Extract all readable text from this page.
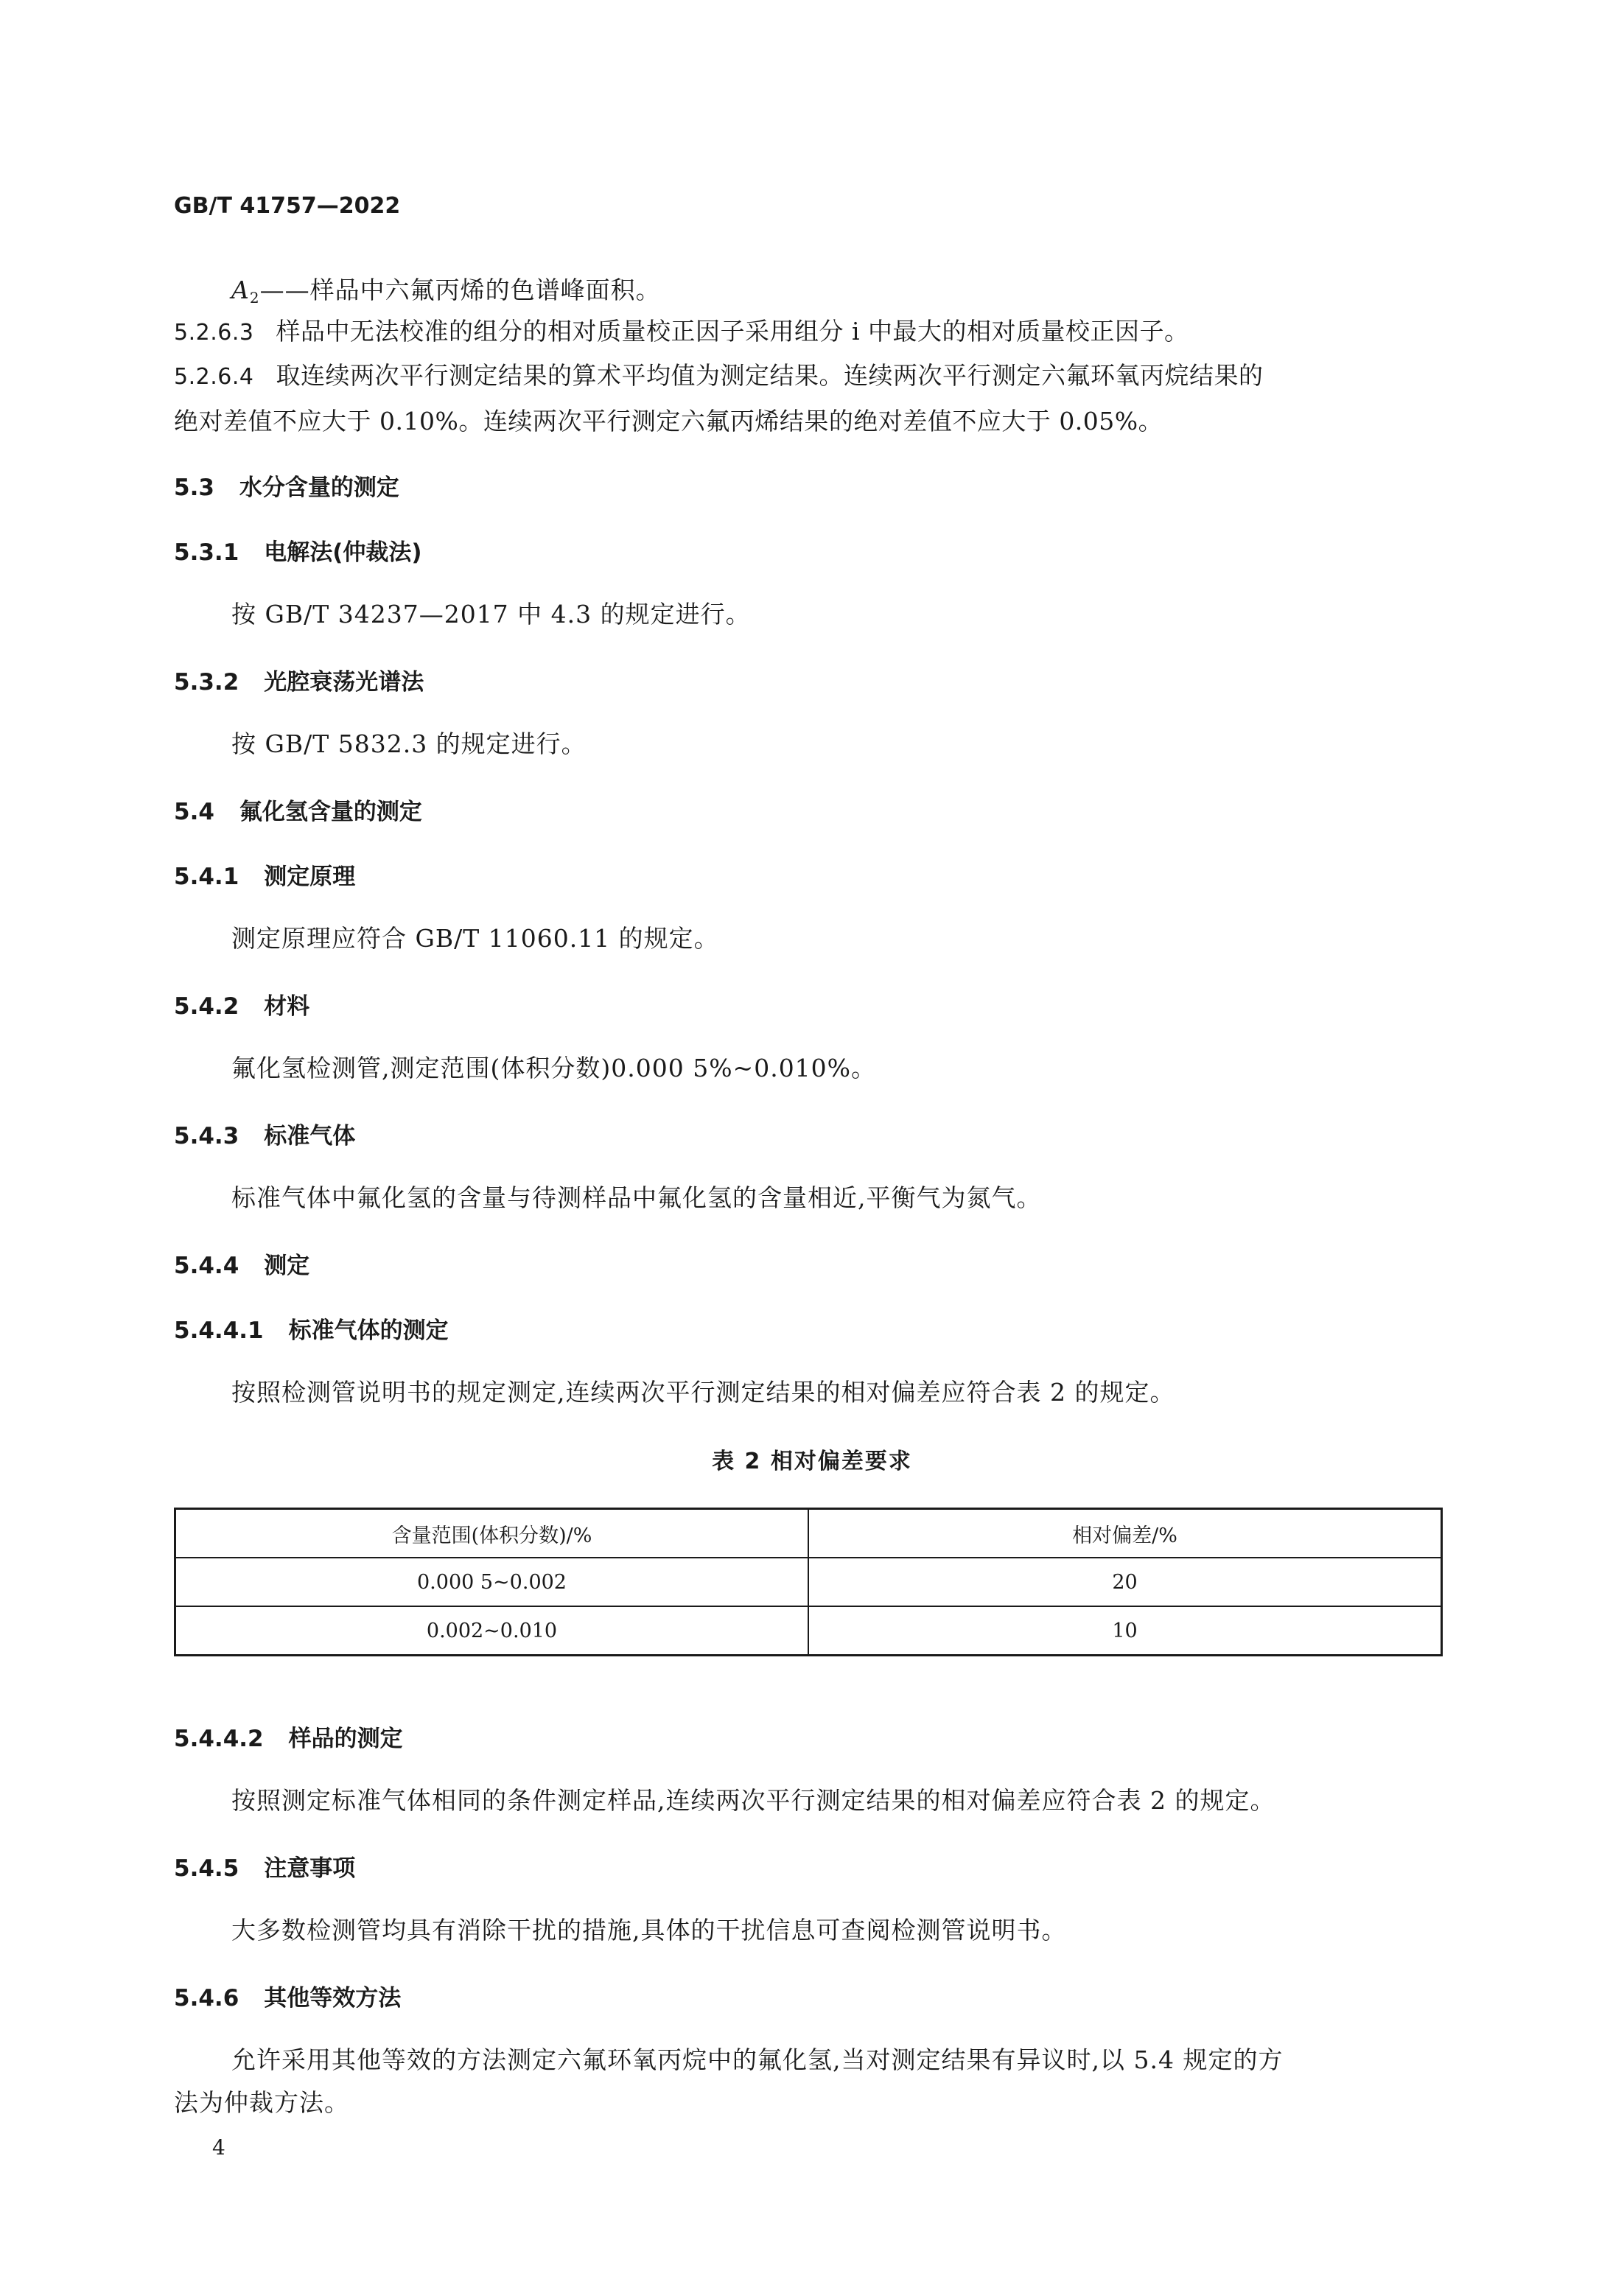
GB/T 41757—2022
$A_2——$样品中六氟丙烯的色谱峰面积。
5.2.6.3 样品中无法校准的组分的相对质量校正因子采用组分 i 中最大的相对质量校正因子。
5.2.6.4 取连续两次平行测定结果的算术平均值为测定结果。连续两次平行测定六氟环氧丙烷结果的
绝对差值不应大于 0.10%。连续两次平行测定六氟丙烯结果的绝对差值不应大于 0.05%。
5.3 水分含量的测定
5.3.1 电解法(仲裁法)
按 GB/T 34237—2017 中 4.3 的规定进行。
5.3.2 光腔衰荡光谱法
按 GB/T 5832.3 的规定进行。
5.4 氟化氢含量的测定
5.4.1 测定原理
测定原理应符合 GB/T 11060.11 的规定。
5.4.2 材料
氟化氢检测管,测定范围(体积分数)0.000 5%~0.010%。
5.4.3 标准气体
标准气体中氟化氢的含量与待测样品中氟化氢的含量相近,平衡气为氮气。
5.4.4 测定
5.4.4.1 标准气体的测定
按照检测管说明书的规定测定,连续两次平行测定结果的相对偏差应符合表 2 的规定。
表 2 相对偏差要求
含量范围(体积分数)/%	相对偏差/%
0.000 5~0.002	20
0.002~0.010	10
5.4.4.2 样品的测定
按照测定标准气体相同的条件测定样品,连续两次平行测定结果的相对偏差应符合表 2 的规定。
5.4.5 注意事项
大多数检测管均具有消除干扰的措施,具体的干扰信息可查阅检测管说明书。
5.4.6 其他等效方法
允许采用其他等效的方法测定六氟环氧丙烷中的氟化氢,当对测定结果有异议时,以 5.4 规定的方
法为仲裁方法。
4
